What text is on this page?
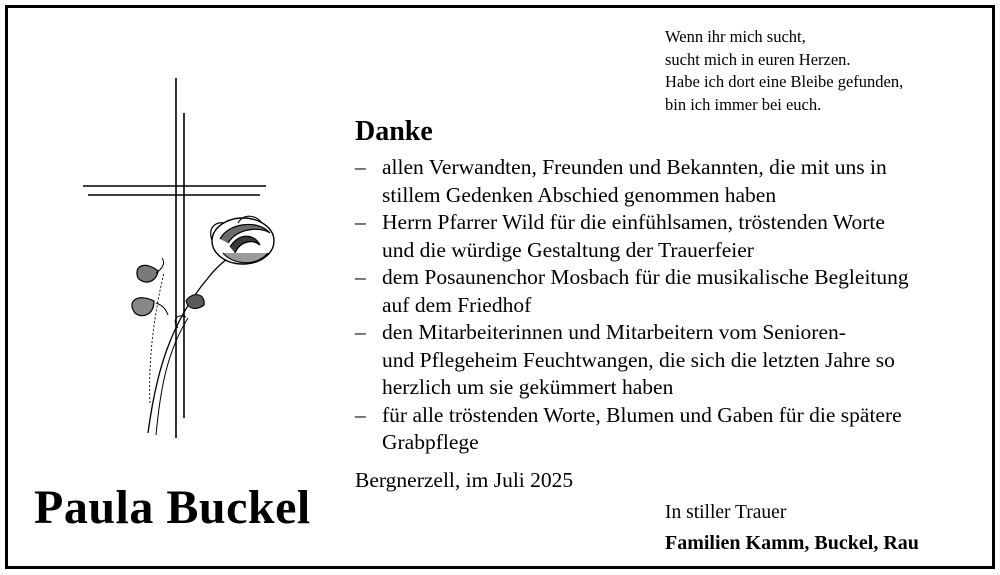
Wenn ihr mich sucht,
sucht mich in euren Herzen.
Habe ich dort eine Bleibe gefunden,
bin ich immer bei euch.
Danke
– allen Verwandten, Freunden und Bekannten, die mit uns in
stillem Gedenken Abschied genommen haben
– Herrn Pfarrer Wild für die einfühlsamen, tröstenden Worte
und die würdige Gestaltung der Trauerfeier
– dem Posaunenchor Mosbach für die musikalische Begleitung
auf dem Friedhof
– den Mitarbeiterinnen und Mitarbeitern vom Senioren-
und Pflegeheim Feuchtwangen, die sich die letzten Jahre so
herzlich um sie gekümmert haben
– für alle tröstenden Worte, Blumen und Gaben für die spätere
Grabpflege
Bergnerzell, im Juli 2025
Paula Buckel	In stiller Trauer
Familien Kamm, Buckel, Rau
